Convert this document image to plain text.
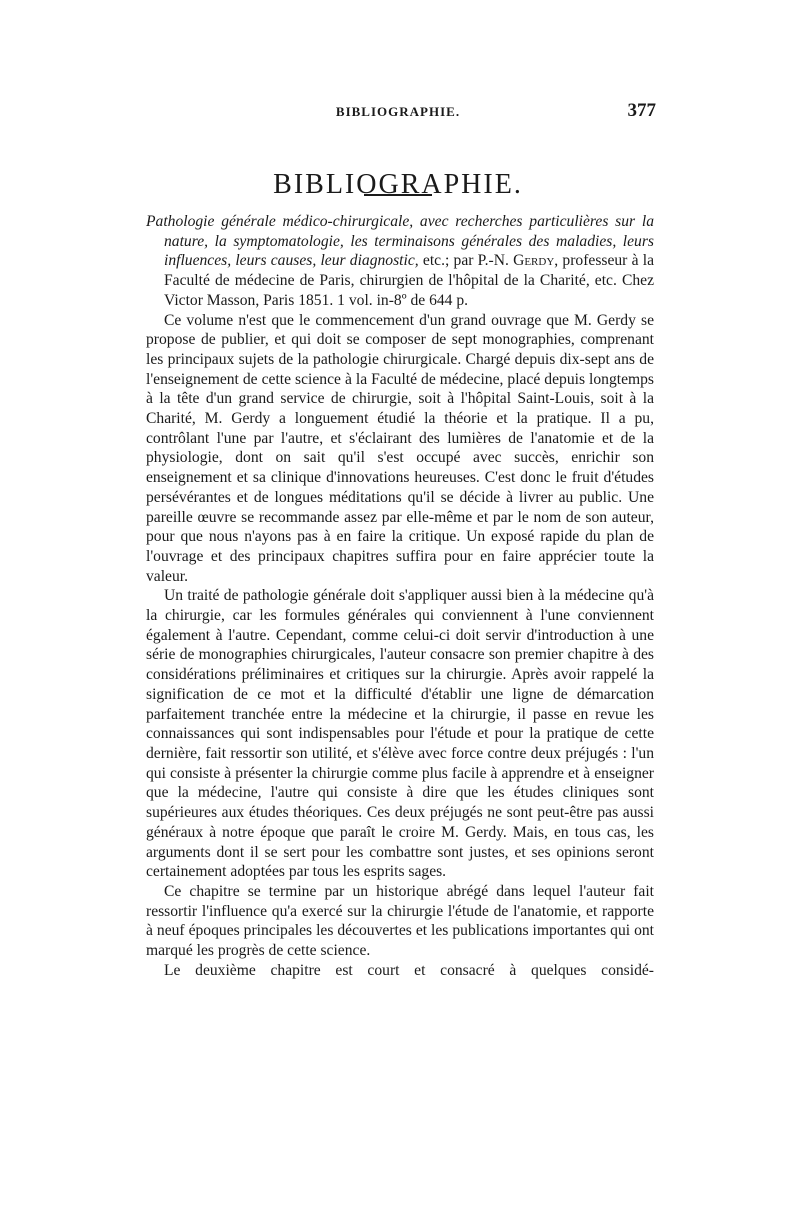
BIBLIOGRAPHIE.	377
BIBLIOGRAPHIE.

Pathologie générale médico-chirurgicale, avec recherches particulières sur la nature, la symptomatologie, les terminaisons générales des maladies, leurs influences, leurs causes, leur diagnostic, etc.; par P.-N. Gerdy, professeur à la Faculté de médecine de Paris, chirurgien de l'hôpital de la Charité, etc. Chez Victor Masson, Paris 1851. 1 vol. in-8º de 644 p.

Ce volume n'est que le commencement d'un grand ouvrage que M. Gerdy se propose de publier, et qui doit se composer de sept monographies, comprenant les principaux sujets de la pathologie chirurgicale. Chargé depuis dix-sept ans de l'enseignement de cette science à la Faculté de médecine, placé depuis longtemps à la tête d'un grand service de chirurgie, soit à l'hôpital Saint-Louis, soit à la Charité, M. Gerdy a longuement étudié la théorie et la pratique. Il a pu, contrôlant l'une par l'autre, et s'éclairant des lumières de l'anatomie et de la physiologie, dont on sait qu'il s'est occupé avec succès, enrichir son enseignement et sa clinique d'innovations heureuses. C'est donc le fruit d'études persévérantes et de longues méditations qu'il se décide à livrer au public. Une pareille œuvre se recommande assez par elle-même et par le nom de son auteur, pour que nous n'ayons pas à en faire la critique. Un exposé rapide du plan de l'ouvrage et des principaux chapitres suffira pour en faire apprécier toute la valeur.

Un traité de pathologie générale doit s'appliquer aussi bien à la médecine qu'à la chirurgie, car les formules générales qui conviennent à l'une conviennent également à l'autre. Cependant, comme celui-ci doit servir d'introduction à une série de monographies chirurgicales, l'auteur consacre son premier chapitre à des considérations préliminaires et critiques sur la chirurgie. Après avoir rappelé la signification de ce mot et la difficulté d'établir une ligne de démarcation parfaitement tranchée entre la médecine et la chirurgie, il passe en revue les connaissances qui sont indispensables pour l'étude et pour la pratique de cette dernière, fait ressortir son utilité, et s'élève avec force contre deux préjugés : l'un qui consiste à présenter la chirurgie comme plus facile à apprendre et à enseigner que la médecine, l'autre qui consiste à dire que les études cliniques sont supérieures aux études théoriques. Ces deux préjugés ne sont peut-être pas aussi généraux à notre époque que paraît le croire M. Gerdy. Mais, en tous cas, les arguments dont il se sert pour les combattre sont justes, et ses opinions seront certainement adoptées par tous les esprits sages.

Ce chapitre se termine par un historique abrégé dans lequel l'auteur fait ressortir l'influence qu'a exercé sur la chirurgie l'étude de l'anatomie, et rapporte à neuf époques principales les découvertes et les publications importantes qui ont marqué les progrès de cette science.

Le deuxième chapitre est court et consacré à quelques considé-
